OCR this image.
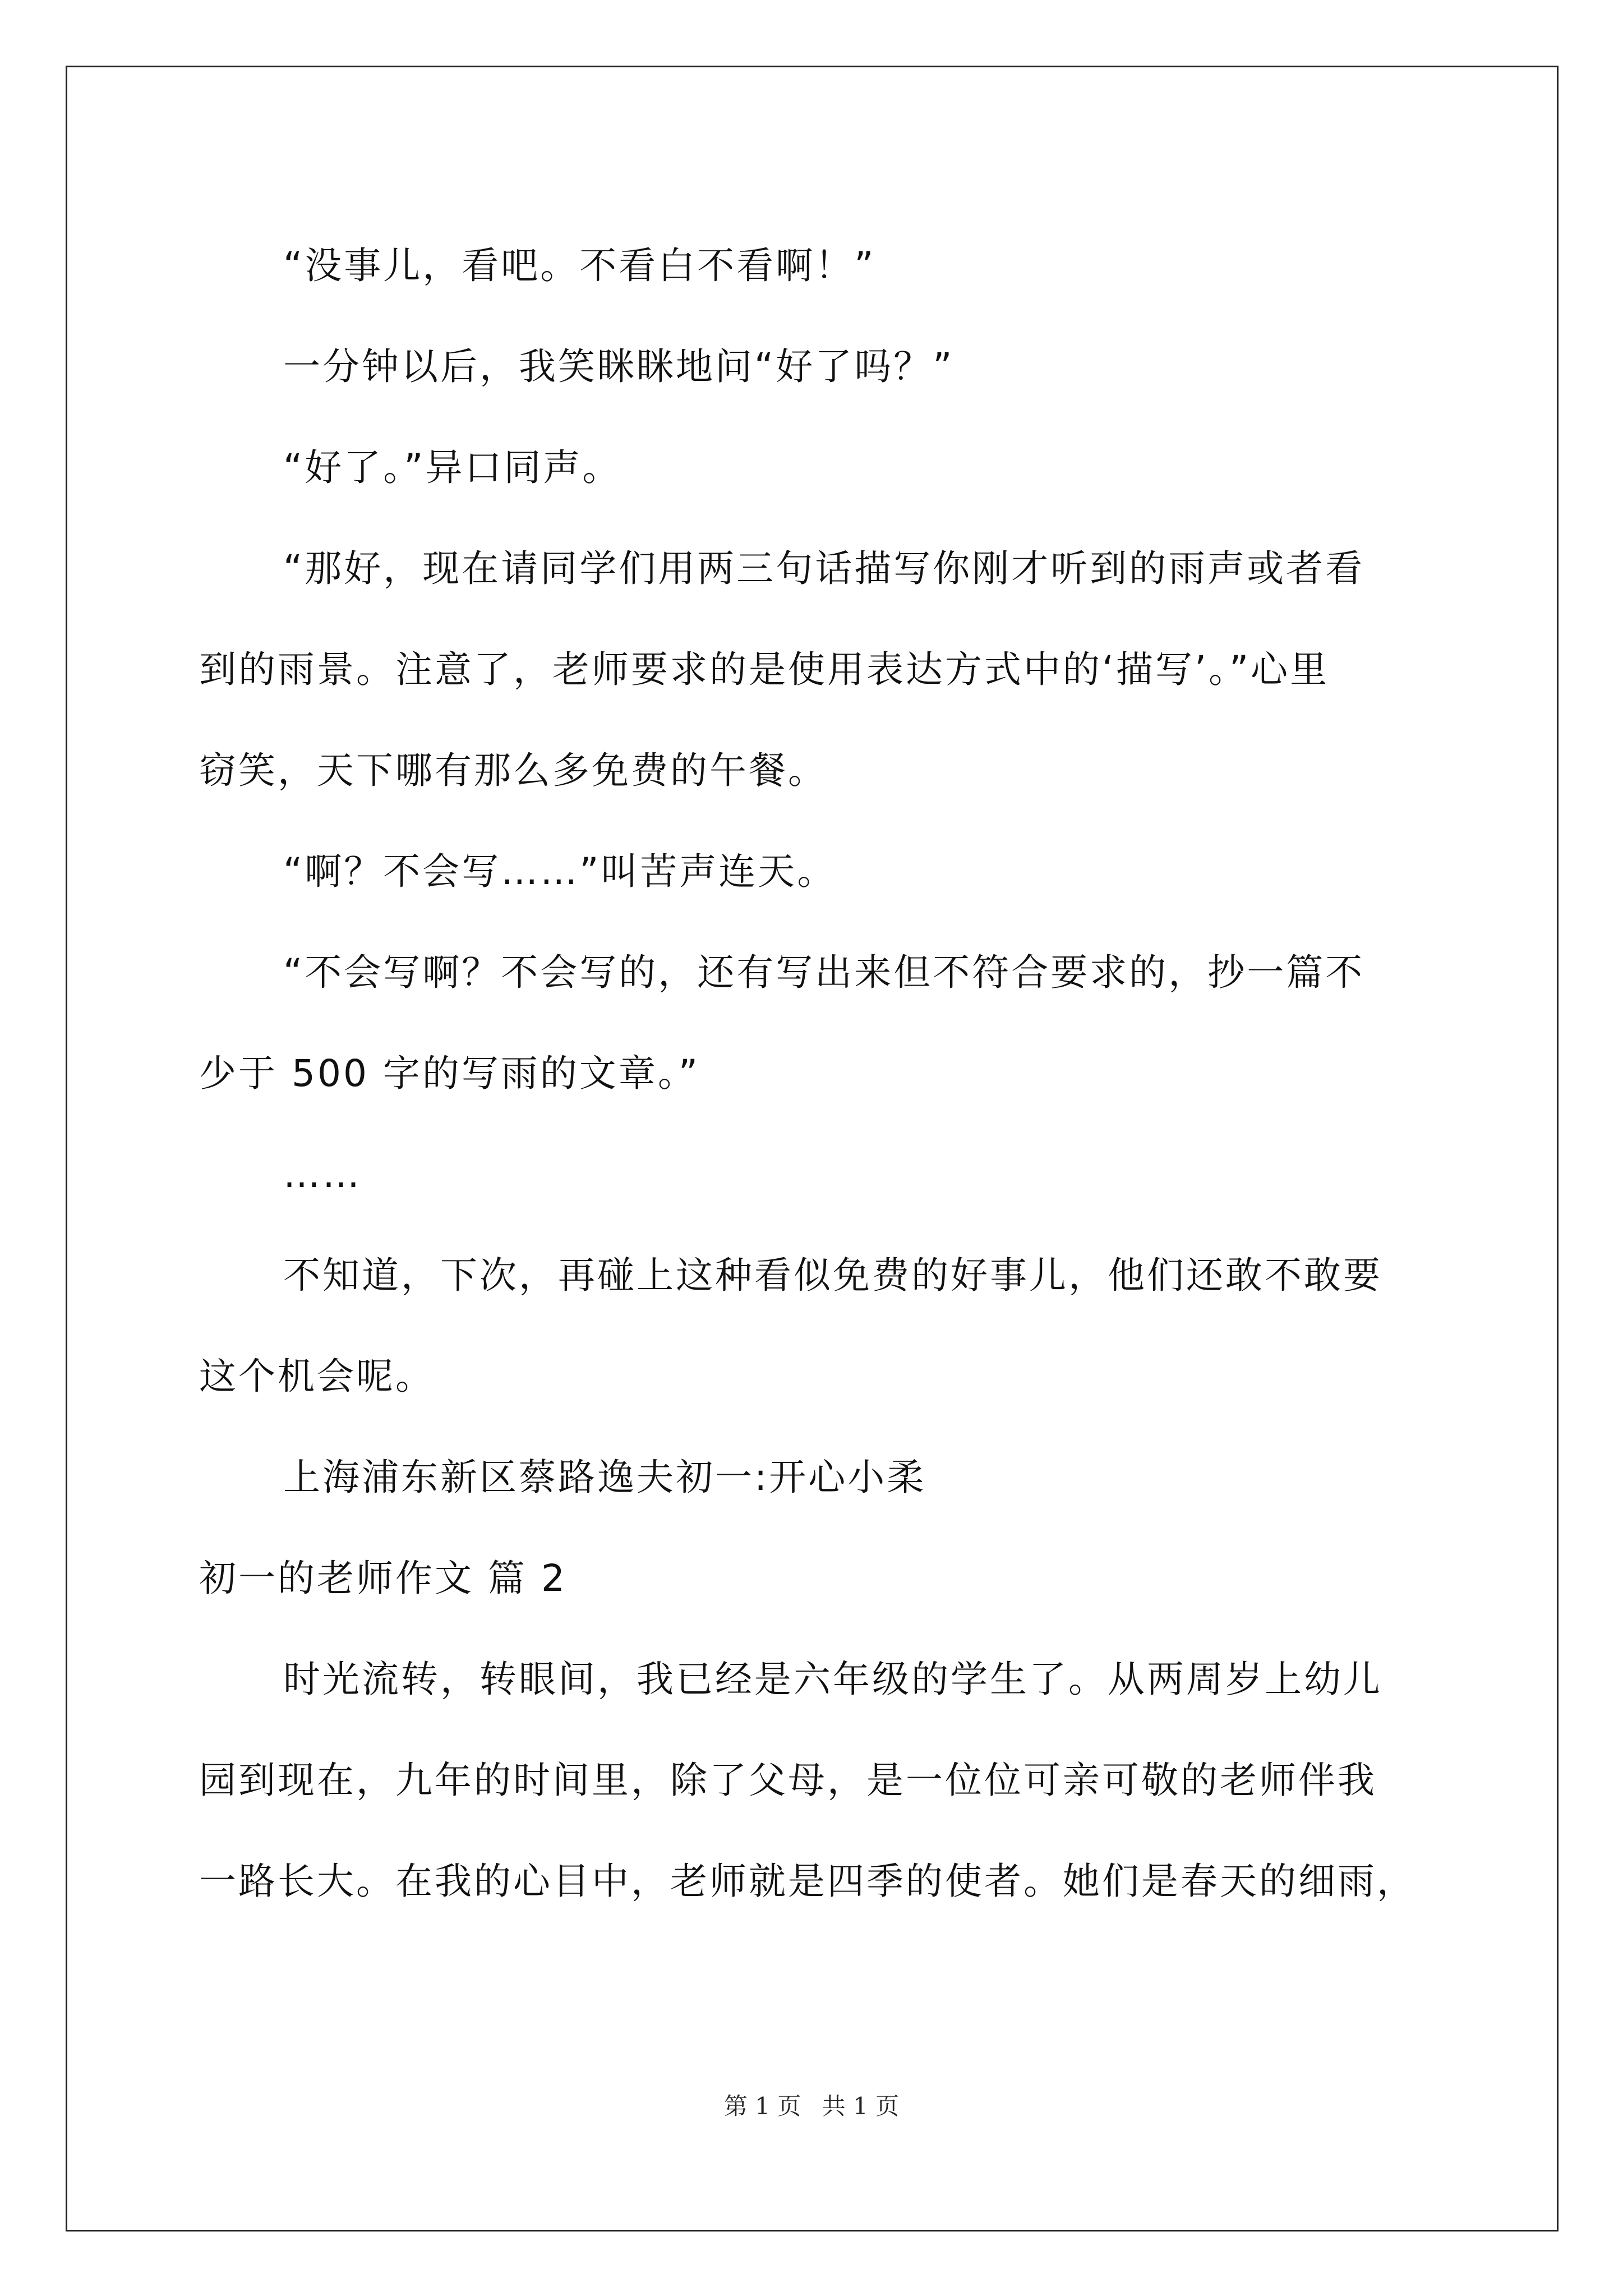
“没事儿，看吧。不看白不看啊！”
一分钟以后，我笑眯眯地问“好了吗？”
“好了。”异口同声。
“那好，现在请同学们用两三句话描写你刚才听到的雨声或者看
到的雨景。注意了，老师要求的是使用表达方式中的‘描写’。”心里
窃笑，天下哪有那么多免费的午餐。
“啊？不会写……”叫苦声连天。
“不会写啊？不会写的，还有写出来但不符合要求的，抄一篇不
少于 500 字的写雨的文章。”
……
不知道，下次，再碰上这种看似免费的好事儿，他们还敢不敢要
这个机会呢。
上海浦东新区蔡路逸夫初一:开心小柔
初一的老师作文 篇 2
时光流转，转眼间，我已经是六年级的学生了。从两周岁上幼儿
园到现在，九年的时间里，除了父母，是一位位可亲可敬的老师伴我
一路长大。在我的心目中，老师就是四季的使者。她们是春天的细雨，
第 1 页 共 1 页
